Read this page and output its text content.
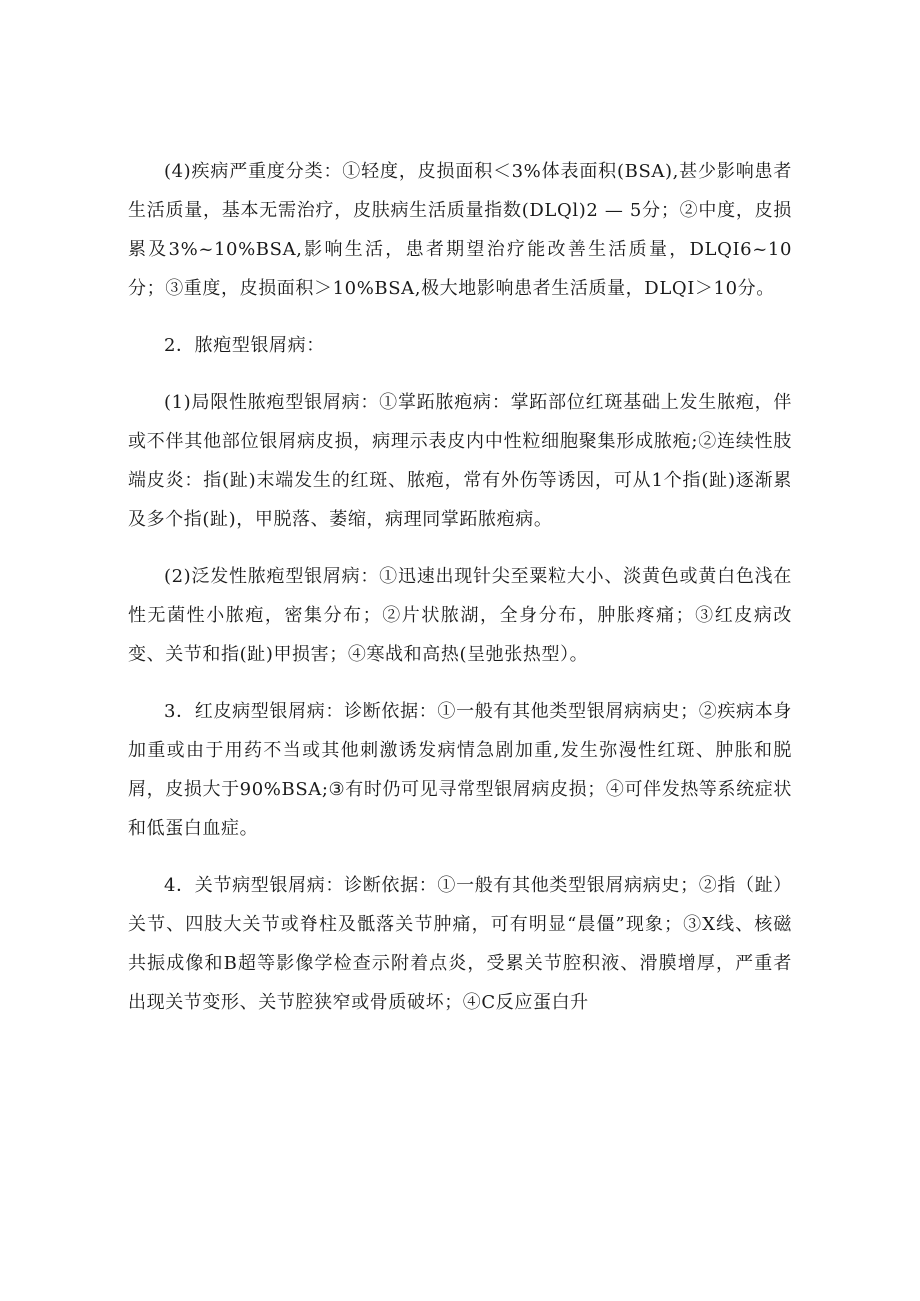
(4)疾病严重度分类：①轻度，皮损面积＜3%体表面积(BSA),甚少影响患者生活质量，基本无需治疗，皮肤病生活质量指数(DLQl)2 — 5分；②中度，皮损累及3%~10%BSA,影响生活，患者期望治疗能改善生活质量，DLQI6~10分；③重度，皮损面积＞10%BSA,极大地影响患者生活质量，DLQI＞10分。

2．脓疱型银屑病：

(1)局限性脓疱型银屑病：①掌跖脓疱病：掌跖部位红斑基础上发生脓疱，伴或不伴其他部位银屑病皮损，病理示表皮内中性粒细胞聚集形成脓疱;②连续性肢端皮炎：指(趾)末端发生的红斑、脓疱，常有外伤等诱因，可从1个指(趾)逐渐累及多个指(趾)，甲脱落、萎缩，病理同掌跖脓疱病。

(2)泛发性脓疱型银屑病：①迅速出现针尖至粟粒大小、淡黄色或黄白色浅在性无菌性小脓疱，密集分布；②片状脓湖，全身分布，肿胀疼痛；③红皮病改变、关节和指(趾)甲损害；④寒战和高热(呈弛张热型）。

3．红皮病型银屑病：诊断依据：①一般有其他类型银屑病病史；②疾病本身加重或由于用药不当或其他刺激诱发病情急剧加重,发生弥漫性红斑、肿胀和脱屑，皮损大于90%BSA;③有时仍可见寻常型银屑病皮损；④可伴发热等系统症状和低蛋白血症。

4．关节病型银屑病：诊断依据：①一般有其他类型银屑病病史；②指（趾）关节、四肢大关节或脊柱及骶落关节肿痛，可有明显“晨僵”现象；③X线、核磁共振成像和B超等影像学检查示附着点炎，受累关节腔积液、滑膜增厚，严重者出现关节变形、关节腔狭窄或骨质破坏；④C反应蛋白升
